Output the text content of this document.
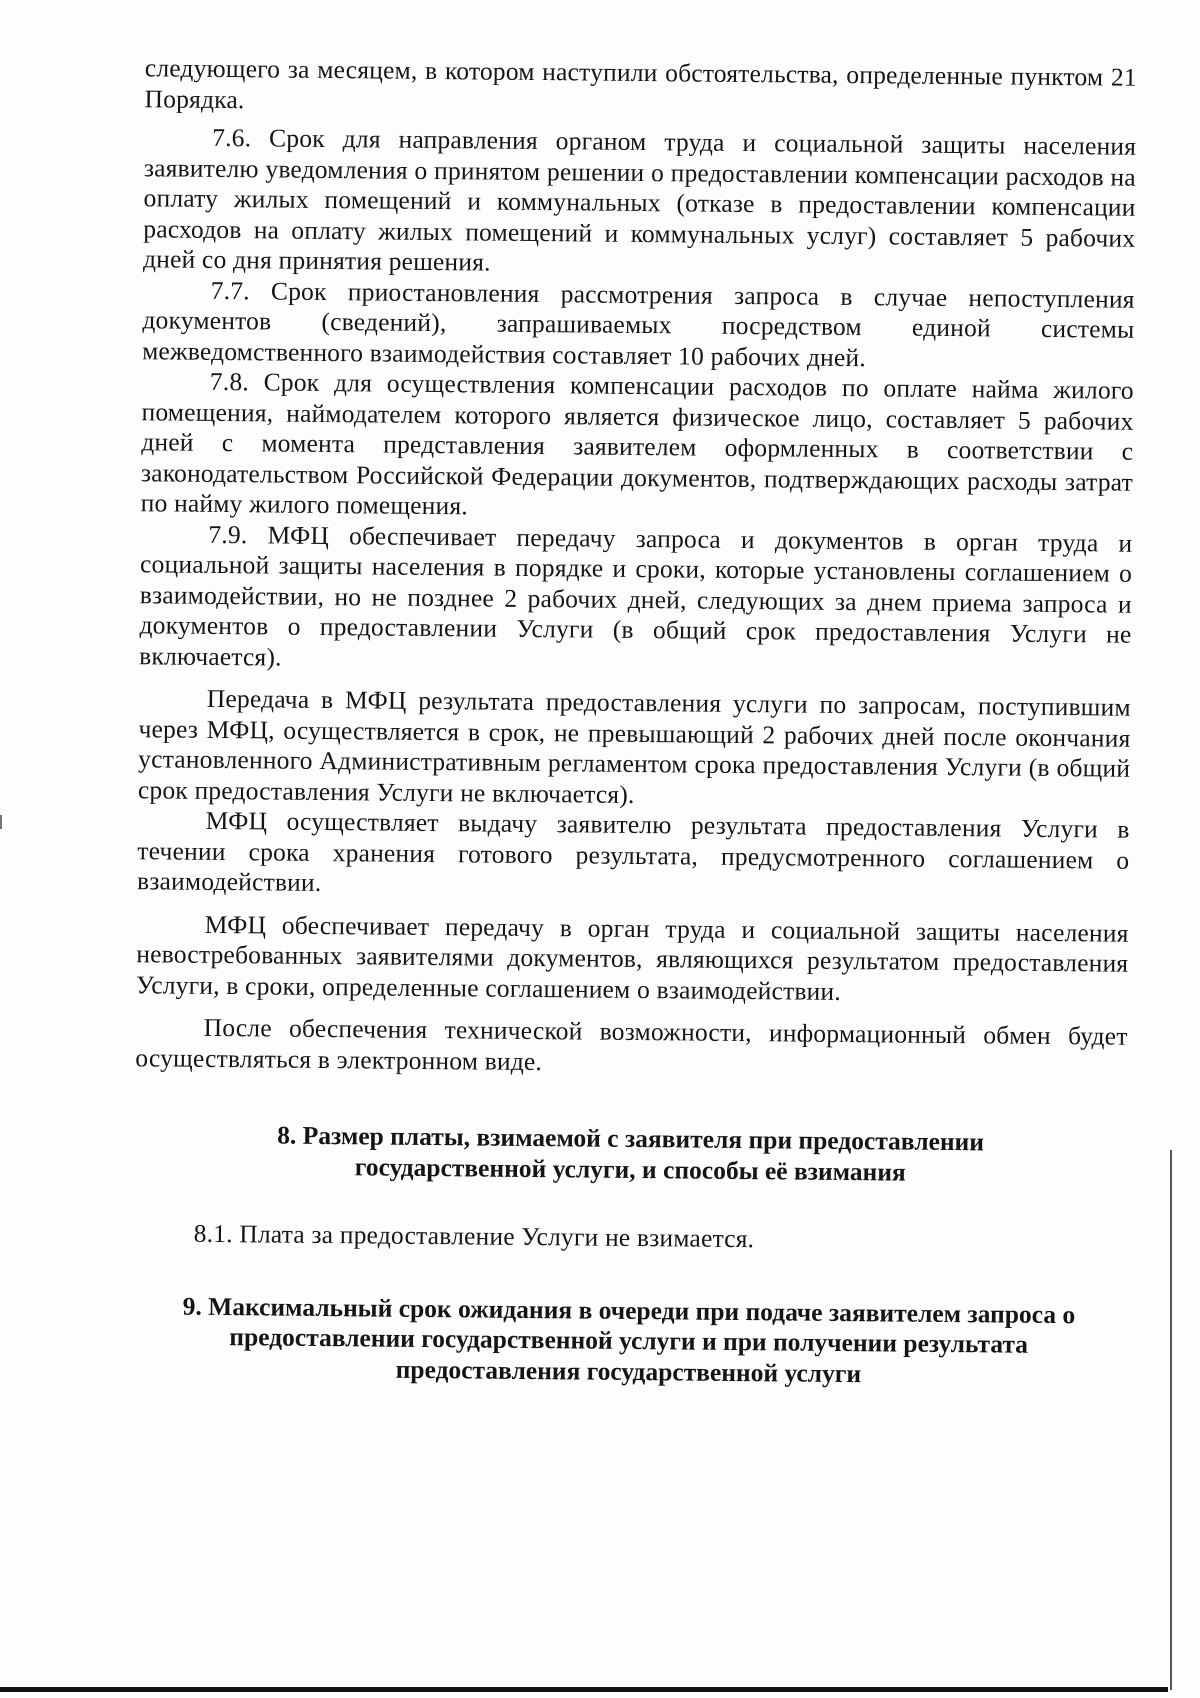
следующего за месяцем, в котором наступили обстоятельства, определенные пунктом 21 Порядка.

7.6. Срок для направления органом труда и социальной защиты населения заявителю уведомления о принятом решении о предоставлении компенсации расходов на оплату жилых помещений и коммунальных (отказе в предоставлении компенсации расходов на оплату жилых помещений и коммунальных услуг) составляет 5 рабочих дней со дня принятия решения.

7.7. Срок приостановления рассмотрения запроса в случае непоступления документов (сведений), запрашиваемых посредством единой системы межведомственного взаимодействия составляет 10 рабочих дней.

7.8. Срок для осуществления компенсации расходов по оплате найма жилого помещения, наймодателем которого является физическое лицо, составляет 5 рабочих дней с момента представления заявителем оформленных в соответствии с законодательством Российской Федерации документов, подтверждающих расходы затрат по найму жилого помещения.

7.9. МФЦ обеспечивает передачу запроса и документов в орган труда и социальной защиты населения в порядке и сроки, которые установлены соглашением о взаимодействии, но не позднее 2 рабочих дней, следующих за днем приема запроса и документов о предоставлении Услуги (в общий срок предоставления Услуги не включается).

Передача в МФЦ результата предоставления услуги по запросам, поступившим через МФЦ, осуществляется в срок, не превышающий 2 рабочих дней после окончания установленного Административным регламентом срока предоставления Услуги (в общий срок предоставления Услуги не включается).

МФЦ осуществляет выдачу заявителю результата предоставления Услуги в течении срока хранения готового результата, предусмотренного соглашением о взаимодействии.

МФЦ обеспечивает передачу в орган труда и социальной защиты населения невостребованных заявителями документов, являющихся результатом предоставления Услуги, в сроки, определенные соглашением о взаимодействии.

После обеспечения технической возможности, информационный обмен будет осуществляться в электронном виде.

8. Размер платы, взимаемой с заявителя при предоставлении государственной услуги, и способы её взимания

8.1. Плата за предоставление Услуги не взимается.

9. Максимальный срок ожидания в очереди при подаче заявителем запроса о предоставлении государственной услуги и при получении результата предоставления государственной услуги
